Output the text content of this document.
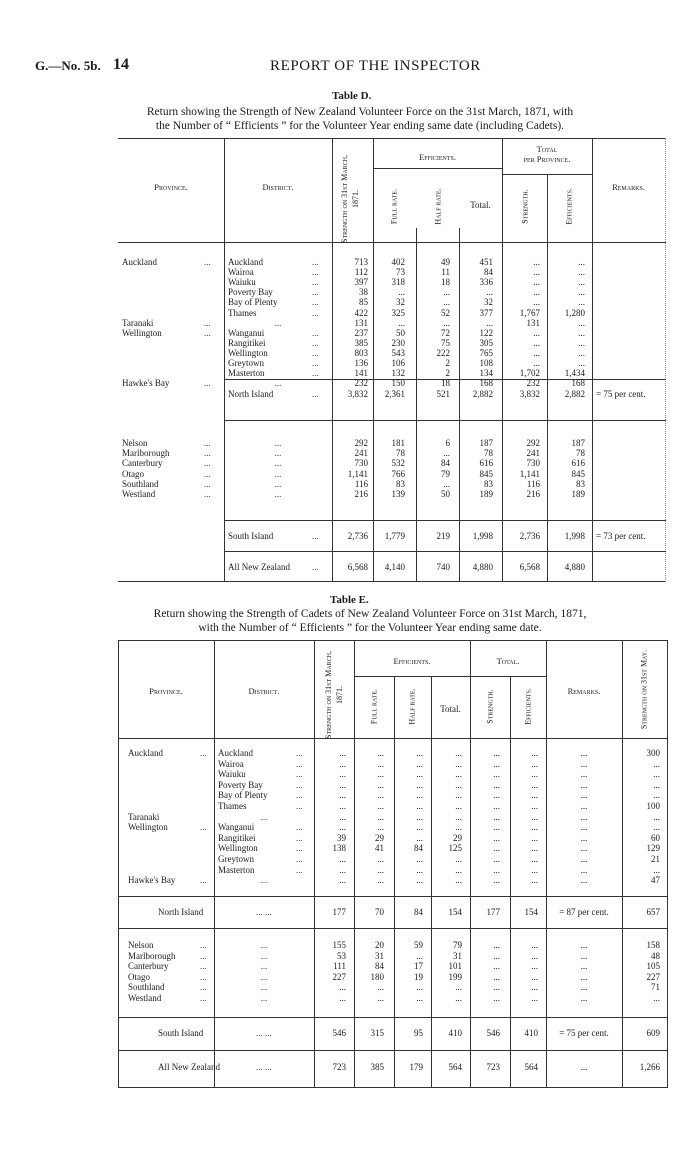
G.—No. 5b. 14	REPORT OF THE INSPECTOR
Table D.
Return showing the Strength of New Zealand Volunteer Force on the 31st March, 1871, with
the Number of “ Efficients ” for the Volunteer Year ending same date (including Cadets).
Province.	District.	Strength on 31st March, 1871.
Efficients.
Full rate.	Half rate.	Total.
Total
per Province.
Strength.	Efficients.
Remarks.
Auckland	... Auckland	...	713	402	49	451	...	...
Wairoa	...	112	73	11	84	...	...
Waiuku	...	397	318	18	336	...	...
Poverty Bay	...	38	...	...	...	...	...
Bay of Plenty	...	85	32	...	32	...	...
Thames	...	422	325	52	377	1,767	1,280
Taranaki	...	...	131	...	...	...	131	...
Wellington	... Wanganui	...	237	50	72	122	...	...
Rangitikei	...	385	230	75	305	...	...
Wellington	...	803	543	222	765	...	...
Greytown	...	136	106	2	108	...	...
Masterton	...	141	132	2	134	1,702	1,434
Hawke's Bay	...	...	232	150	18	168	232	168
North Island	...	3,832	2,361	521	2,882	3,832	2,882 = 75 per cent.
Nelson	...	...	292	181	6	187	292	187
Marlborough	...	...	241	78	...	78	241	78
Canterbury	...	...	730	532	84	616	730	616
Otago	...	...	1,141	766	79	845	1,141	845
Southland	...	...	116	83	...	83	116	83
Westland	...	...	216	139	50	189	216	189
South Island	...	2,736	1,779	219	1,998	2,736	1,998 = 73 per cent.
All New Zealand ...	6,568	4,140	740	4,880	6,568	4,880
Table E.
Return showing the Strength of Cadets of New Zealand Volunteer Force on 31st March, 1871,
with the Number of “ Efficients ” for the Volunteer Year ending same date.
Province.	District.	Strength on 31st March, 1871.
Efficients.
Full rate.	Half rate.	Total.
Total.
Strength.	Efficients.	Remarks.	Strength on 31st May.
Auckland	... Auckland	...	...	...	...	...	...	...	...	300
Wairoa	...	...	...	...	...	...	...	...	...
Waiuku	...	...	...	...	...	...	...	...	...
Poverty Bay	...	...	...	...	...	...	...	...	...
Bay of Plenty	...	...	...	...	...	...	...	...	...
Thames	...	...	...	...	...	...	...	...	100
Taranaki	...	...	...	...	...	...	...	...	...
Wellington	... Wanganui	...	...	...	...	...	...	...	...	...
Rangitikei	...	39	29	...	29	...	...	...	60
Wellington	...	138	41	84	125	...	...	...	129
Greytown	...	...	...	...	...	...	...	...	21
Masterton	...	...	...	...	...	...	...	...	...
Hawke's Bay	...	...	...	...	...	...	...	...	...	47
North Island	... ...	177	70	84	154	177	154	= 87 per cent.	657
Nelson	...	...	155	20	59	79	...	...	...	158
Marlborough	...	...	53	31	...	31	...	...	...	48
Canterbury	...	...	111	84	17	101	...	...	...	105
Otago	...	...	227	180	19	199	...	...	...	227
Southland	...	...	...	...	...	...	...	...	...	71
Westland	...	...	...	...	...	...	...	...	...	...
South Island	... ...	546	315	95	410	546	410	= 75 per cent.	609
All New Zealand	... ...	723	385	179	564	723	564	...	1,266
